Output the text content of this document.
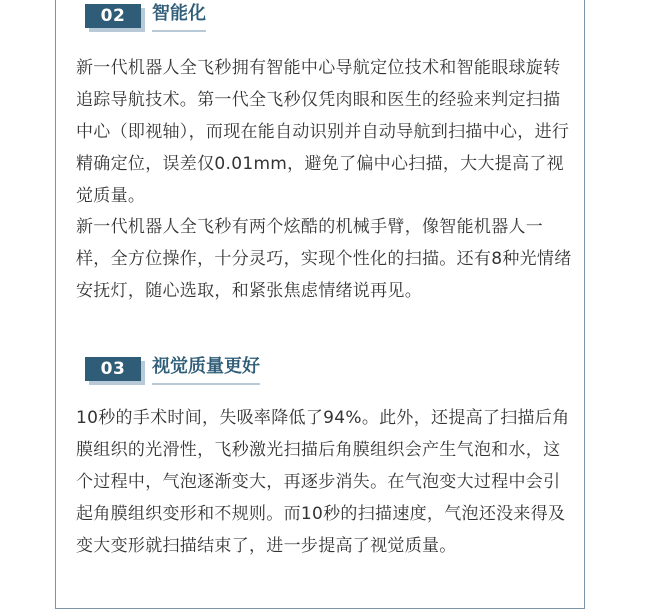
02	智能化

新一代机器人全飞秒拥有智能中心导航定位技术和智能眼球旋转追踪导航技术。第一代全飞秒仅凭肉眼和医生的经验来判定扫描中心（即视轴），而现在能自动识别并自动导航到扫描中心，进行精确定位，误差仅0.01mm，避免了偏中心扫描，大大提高了视觉质量。

新一代机器人全飞秒有两个炫酷的机械手臂，像智能机器人一样，全方位操作，十分灵巧，实现个性化的扫描。还有8种光情绪安抚灯，随心选取，和紧张焦虑情绪说再见。

03	视觉质量更好

10秒的手术时间，失吸率降低了94%。此外，还提高了扫描后角膜组织的光滑性，飞秒激光扫描后角膜组织会产生气泡和水，这个过程中，气泡逐渐变大，再逐步消失。在气泡变大过程中会引起角膜组织变形和不规则。而10秒的扫描速度，气泡还没来得及变大变形就扫描结束了，进一步提高了视觉质量。
